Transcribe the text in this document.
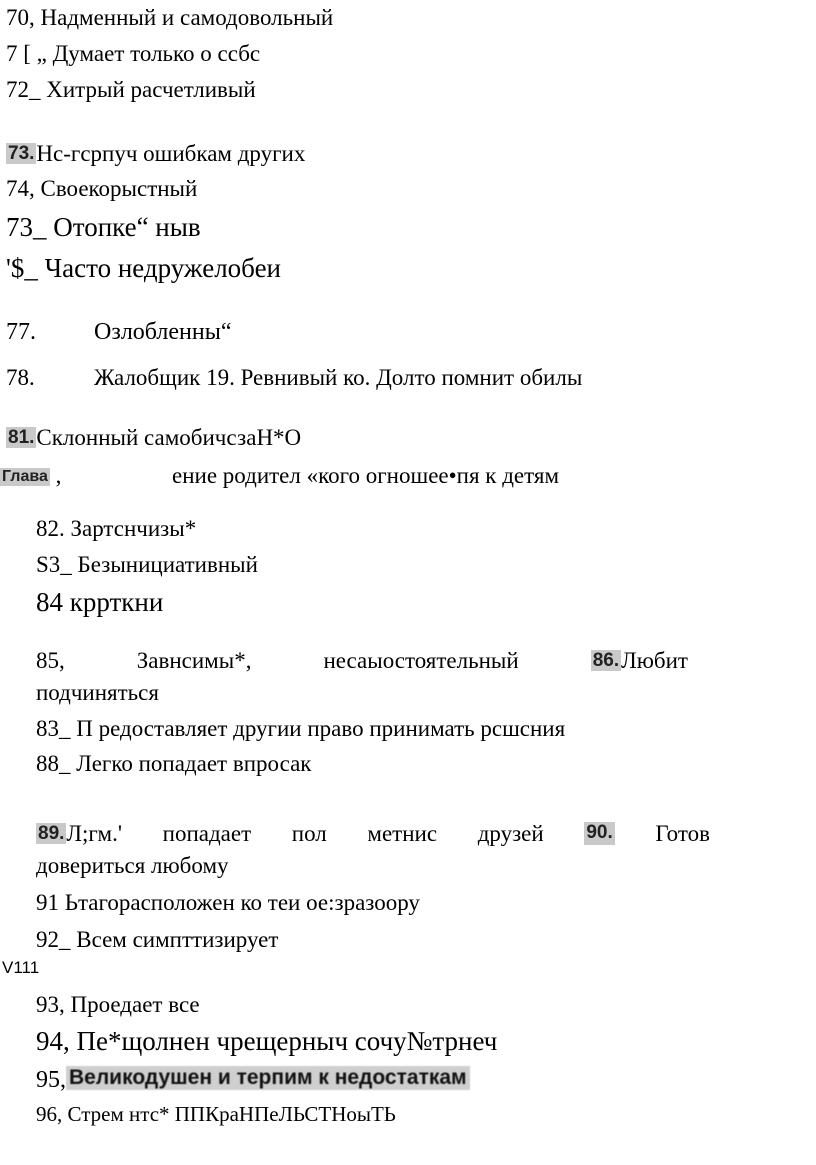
70, Надменный и самодовольный
7 [ „ Думает только о ссбс
72_ Хитрый расчетливый
73.Нс-гсрпуч ошибкам других
74, Своекорыстный
73_ Отопке“ ныв
'$_ Часто недружелобеи
77. Озлобленны“
78.	Жалобщик 19. Ревнивый ко. Долто помнит обилы
81.Склонный самобичсзаН*О
Глава ,	ение родител «кого огношее•пя к детям
82. Зартснчизы*
S3_ Безынициативный
84 кррткни
85,	Завнсимы*,	несаыостоятельный	86.Любит
подчиняться
83_ П редоставляет другии право принимать рсшсния
88_ Легко попадает впросак
89.Л;гм.' попадает пол метнис друзей 90. Готов
довериться любому
91 Ьтагорасположен ко теи ое:зразоору
92_ Всем симпттизирует
V111
93, Проедает все
94, Пе*щолнен чрещерныч сочу№трнеч
95, Великодушен и терпим к недостаткам
96, Стрем нтс* ППКраНПеЛЬСТНоыТЬ
